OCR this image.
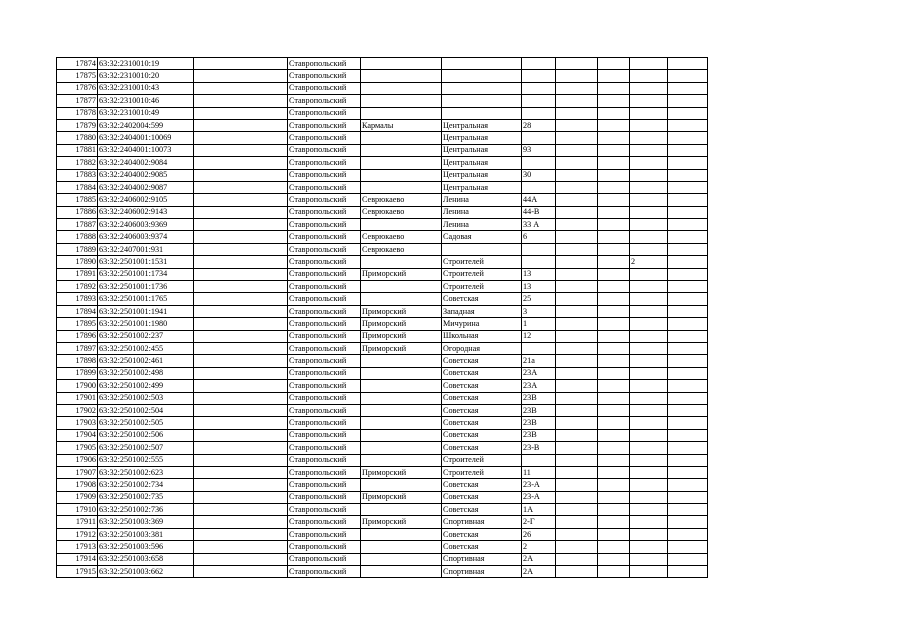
17874	63:32:2310010:19		Ставропольский							
17875	63:32:2310010:20		Ставропольский							
17876	63:32:2310010:43		Ставропольский							
17877	63:32:2310010:46		Ставропольский							
17878	63:32:2310010:49		Ставропольский							
17879	63:32:2402004:599		Ставропольский	Кармалы	Центральная	28				
17880	63:32:2404001:10069		Ставропольский		Центральная					
17881	63:32:2404001:10073		Ставропольский		Центральная	93				
17882	63:32:2404002:9084		Ставропольский		Центральная					
17883	63:32:2404002:9085		Ставропольский		Центральная	30				
17884	63:32:2404002:9087		Ставропольский		Центральная					
17885	63:32:2406002:9105		Ставропольский	Севрюкаево	Ленина	44А				
17886	63:32:2406002:9143		Ставропольский	Севрюкаево	Ленина	44-В				
17887	63:32:2406003:9369		Ставропольский		Ленина	33 А				
17888	63:32:2406003:9374		Ставропольский	Севрюкаево	Садовая	6				
17889	63:32:2407001:931		Ставропольский	Севрюкаево						
17890	63:32:2501001:1531		Ставропольский		Строителей				2	
17891	63:32:2501001:1734		Ставропольский	Приморский	Строителей	13				
17892	63:32:2501001:1736		Ставропольский		Строителей	13				
17893	63:32:2501001:1765		Ставропольский		Советская	25				
17894	63:32:2501001:1941		Ставропольский	Приморский	Западная	3				
17895	63:32:2501001:1980		Ставропольский	Приморский	Мичурина	1				
17896	63:32:2501002:237		Ставропольский	Приморский	Школьная	12				
17897	63:32:2501002:455		Ставропольский	Приморский	Огородная					
17898	63:32:2501002:461		Ставропольский		Советская	21а				
17899	63:32:2501002:498		Ставропольский		Советская	23А				
17900	63:32:2501002:499		Ставропольский		Советская	23А				
17901	63:32:2501002:503		Ставропольский		Советская	23В				
17902	63:32:2501002:504		Ставропольский		Советская	23В				
17903	63:32:2501002:505		Ставропольский		Советская	23В				
17904	63:32:2501002:506		Ставропольский		Советская	23В				
17905	63:32:2501002:507		Ставропольский		Советская	23-В				
17906	63:32:2501002:555		Ставропольский		Строителей					
17907	63:32:2501002:623		Ставропольский	Приморский	Строителей	11				
17908	63:32:2501002:734		Ставропольский		Советская	23-А				
17909	63:32:2501002:735		Ставропольский	Приморский	Советская	23-А				
17910	63:32:2501002:736		Ставропольский		Советская	1А				
17911	63:32:2501003:369		Ставропольский	Приморский	Спортивная	2-Г				
17912	63:32:2501003:381		Ставропольский		Советская	26				
17913	63:32:2501003:596		Ставропольский		Советская	2				
17914	63:32:2501003:658		Ставропольский		Спортивная	2А				
17915	63:32:2501003:662		Ставропольский		Спортивная	2А				
